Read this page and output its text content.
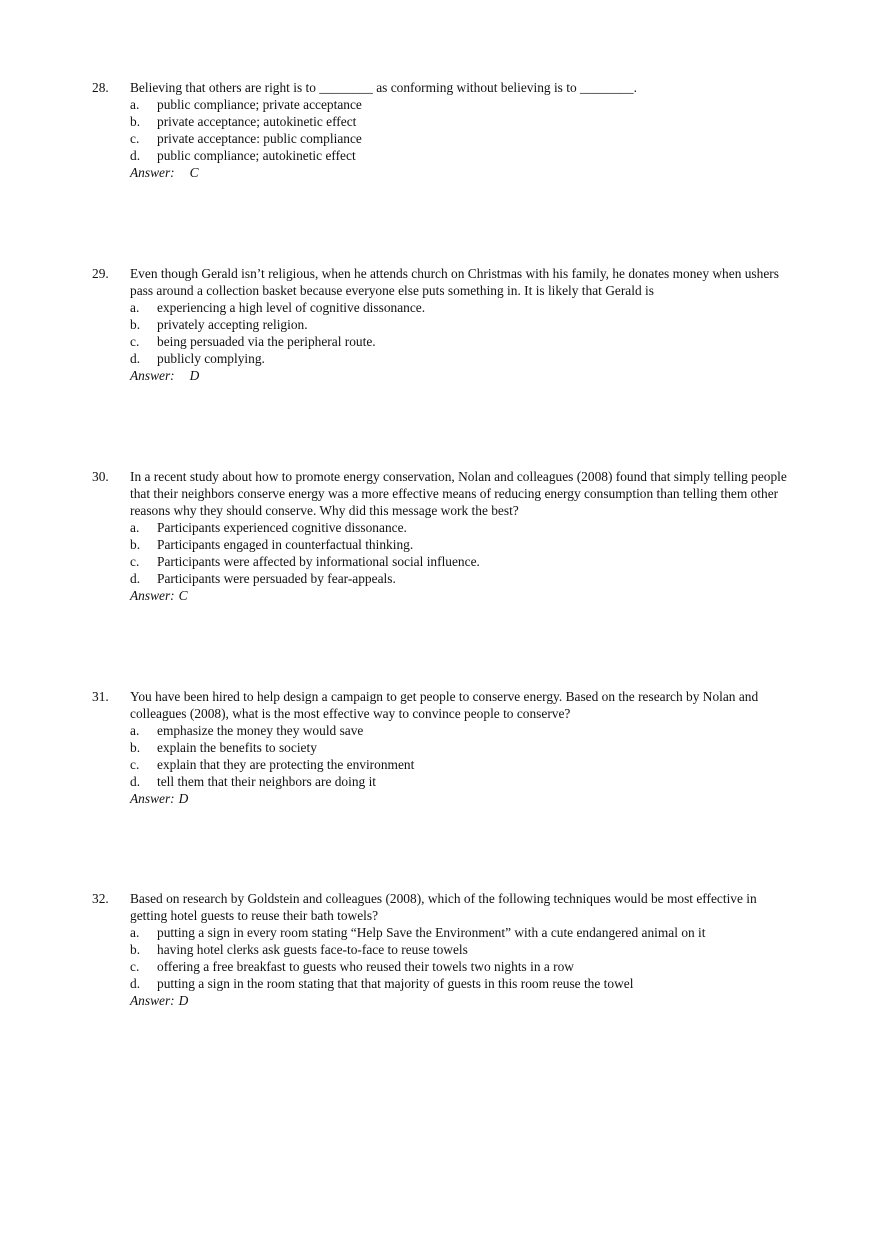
28.	Believing that others are right is to ________ as conforming without believing is to ________.
a.	public compliance; private acceptance
b.	private acceptance; autokinetic effect
c.	private acceptance: public compliance
d.	public compliance; autokinetic effect
Answer: C
29.	Even though Gerald isn’t religious, when he attends church on Christmas with his family, he donates money when ushers pass around a collection basket because everyone else puts something in. It is likely that Gerald is
a.	experiencing a high level of cognitive dissonance.
b.	privately accepting religion.
c.	being persuaded via the peripheral route.
d.	publicly complying.
Answer: D
30.	In a recent study about how to promote energy conservation, Nolan and colleagues (2008) found that simply telling people that their neighbors conserve energy was a more effective means of reducing energy consumption than telling them other reasons why they should conserve. Why did this message work the best?
a.	Participants experienced cognitive dissonance.
b.	Participants engaged in counterfactual thinking.
c.	Participants were affected by informational social influence.
d.	Participants were persuaded by fear-appeals.
Answer: C
31.	You have been hired to help design a campaign to get people to conserve energy. Based on the research by Nolan and colleagues (2008), what is the most effective way to convince people to conserve?
a.	emphasize the money they would save
b.	explain the benefits to society
c.	explain that they are protecting the environment
d.	tell them that their neighbors are doing it
Answer: D
32.	Based on research by Goldstein and colleagues (2008), which of the following techniques would be most effective in getting hotel guests to reuse their bath towels?
a.	putting a sign in every room stating “Help Save the Environment” with a cute endangered animal on it
b.	having hotel clerks ask guests face-to-face to reuse towels
c.	offering a free breakfast to guests who reused their towels two nights in a row
d.	putting a sign in the room stating that that majority of guests in this room reuse the towel
Answer: D
